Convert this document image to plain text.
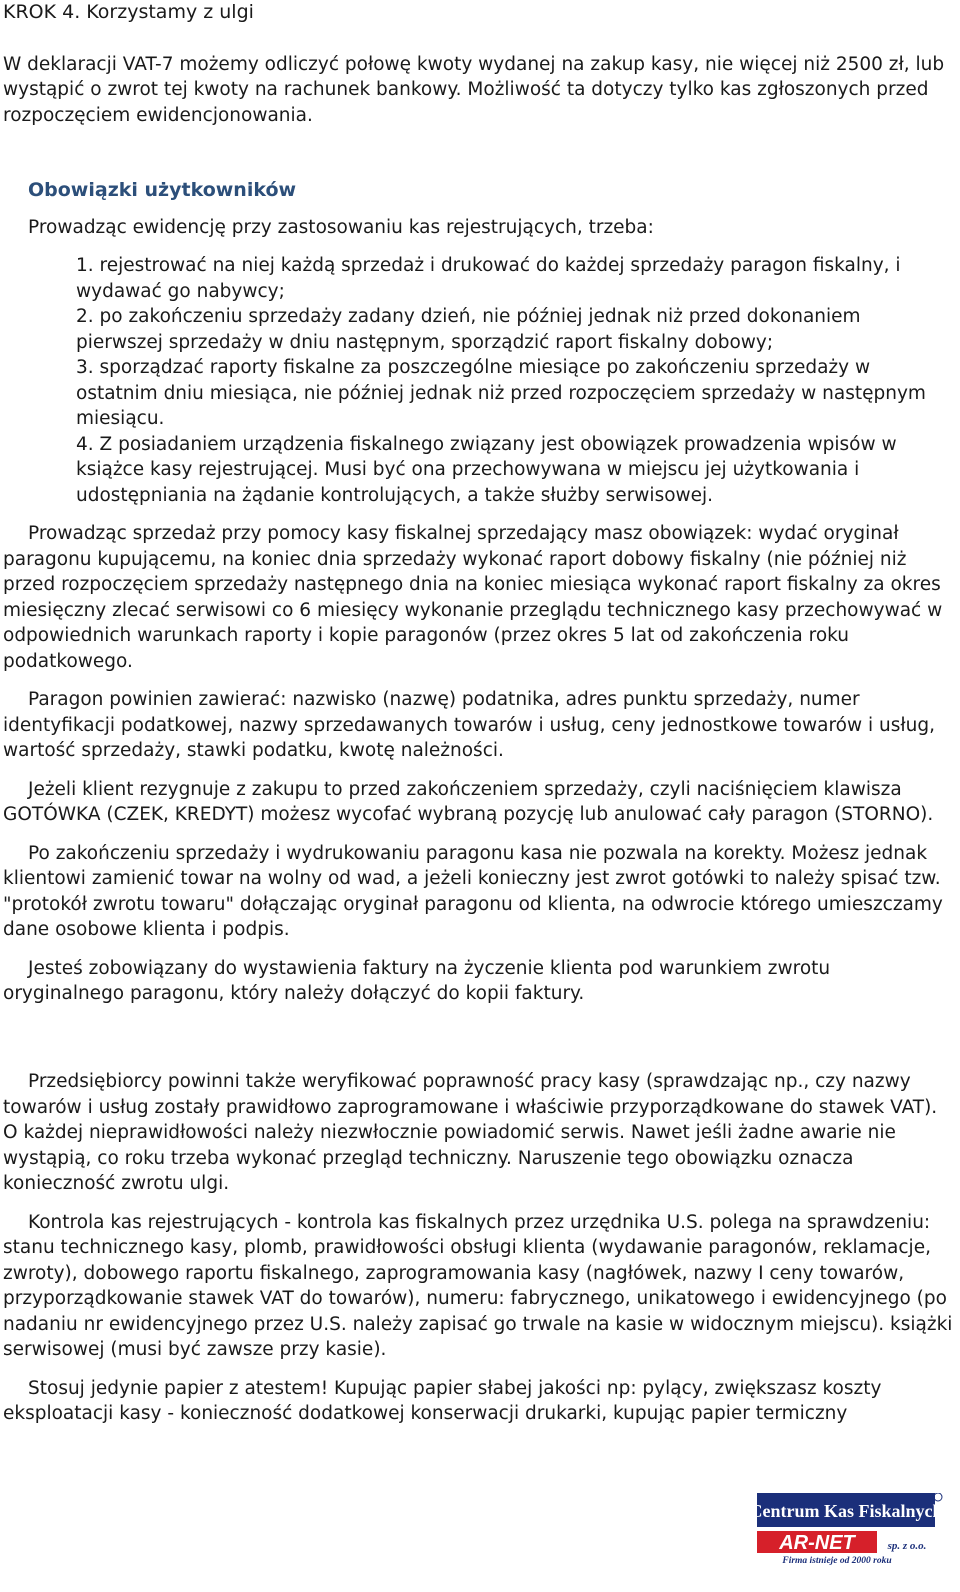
KROK 4. Korzystamy z ulgi

W deklaracji VAT-7 możemy odliczyć połowę kwoty wydanej na zakup kasy, nie więcej niż 2500 zł, lub wystąpić o zwrot tej kwoty na rachunek bankowy. Możliwość ta dotyczy tylko kas zgłoszonych przed rozpoczęciem ewidencjonowania.

Obowiązki użytkowników

Prowadząc ewidencję przy zastosowaniu kas rejestrujących, trzeba:

1. rejestrować na niej każdą sprzedaż i drukować do każdej sprzedaży paragon fiskalny, i wydawać go nabywcy;
2. po zakończeniu sprzedaży zadany dzień, nie później jednak niż przed dokonaniem pierwszej sprzedaży w dniu następnym, sporządzić raport fiskalny dobowy;
3. sporządzać raporty fiskalne za poszczególne miesiące po zakończeniu sprzedaży w ostatnim dniu miesiąca, nie później jednak niż przed rozpoczęciem sprzedaży w następnym miesiącu.
4. Z posiadaniem urządzenia fiskalnego związany jest obowiązek prowadzenia wpisów w książce kasy rejestrującej. Musi być ona przechowywana w miejscu jej użytkowania i udostępniania na żądanie kontrolujących, a także służby serwisowej.

Prowadząc sprzedaż przy pomocy kasy fiskalnej sprzedający masz obowiązek: wydać oryginał paragonu kupującemu, na koniec dnia sprzedaży wykonać raport dobowy fiskalny (nie później niż przed rozpoczęciem sprzedaży następnego dnia na koniec miesiąca wykonać raport fiskalny za okres miesięczny zlecać serwisowi co 6 miesięcy wykonanie przeglądu technicznego kasy przechowywać w odpowiednich warunkach raporty i kopie paragonów (przez okres 5 lat od zakończenia roku podatkowego.

Paragon powinien zawierać: nazwisko (nazwę) podatnika, adres punktu sprzedaży, numer identyfikacji podatkowej, nazwy sprzedawanych towarów i usług, ceny jednostkowe towarów i usług, wartość sprzedaży, stawki podatku, kwotę należności.

Jeżeli klient rezygnuje z zakupu to przed zakończeniem sprzedaży, czyli naciśnięciem klawisza GOTÓWKA (CZEK, KREDYT) możesz wycofać wybraną pozycję lub anulować cały paragon (STORNO).

Po zakończeniu sprzedaży i wydrukowaniu paragonu kasa nie pozwala na korekty. Możesz jednak klientowi zamienić towar na wolny od wad, a jeżeli konieczny jest zwrot gotówki to należy spisać tzw. "protokół zwrotu towaru" dołączając oryginał paragonu od klienta, na odwrocie którego umieszczamy dane osobowe klienta i podpis.

Jesteś zobowiązany do wystawienia faktury na życzenie klienta pod warunkiem zwrotu oryginalnego paragonu, który należy dołączyć do kopii faktury.

Przedsiębiorcy powinni także weryfikować poprawność pracy kasy (sprawdzając np., czy nazwy towarów i usług zostały prawidłowo zaprogramowane i właściwie przyporządkowane do stawek VAT). O każdej nieprawidłowości należy niezwłocznie powiadomić serwis. Nawet jeśli żadne awarie nie wystąpią, co roku trzeba wykonać przegląd techniczny. Naruszenie tego obowiązku oznacza konieczność zwrotu ulgi.

Kontrola kas rejestrujących - kontrola kas fiskalnych przez urzędnika U.S. polega na sprawdzeniu: stanu technicznego kasy, plomb, prawidłowości obsługi klienta (wydawanie paragonów, reklamacje, zwroty), dobowego raportu fiskalnego, zaprogramowania kasy (nagłówek, nazwy I ceny towarów, przyporządkowanie stawek VAT do towarów), numeru: fabrycznego, unikatowego i ewidencyjnego (po nadaniu nr ewidencyjnego przez U.S. należy zapisać go trwale na kasie w widocznym miejscu). książki serwisowej (musi być zawsze przy kasie).

Stosuj jedynie papier z atestem! Kupując papier słabej jakości np: pylący, zwiększasz koszty eksploatacji kasy - konieczność dodatkowej konserwacji drukarki, kupując papier termiczny

Centrum Kas Fiskalnych
AR-NET	sp. z o.o.
Firma istnieje od 2000 roku
